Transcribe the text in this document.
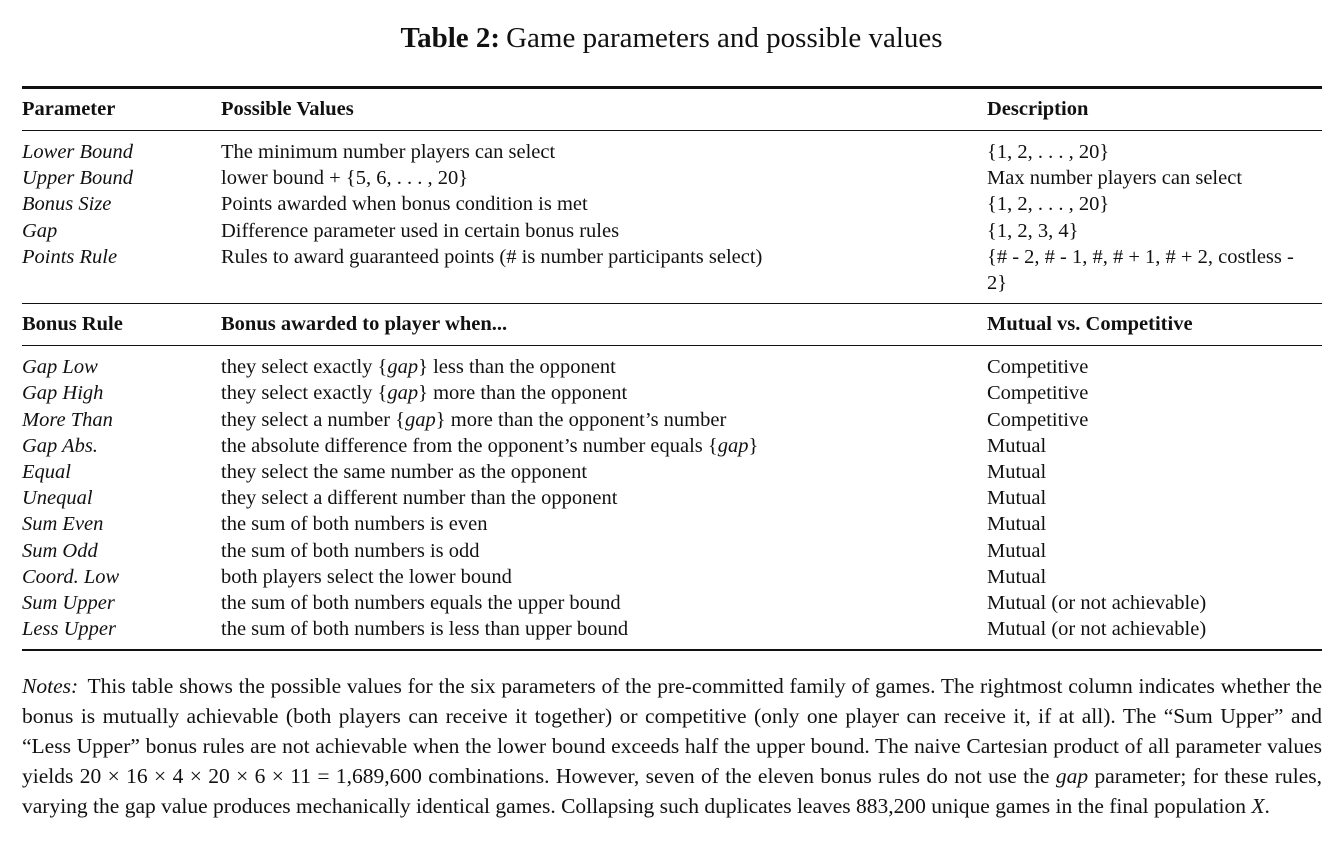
Table 2: Game parameters and possible values

Parameter	Possible Values	Description

Lower Bound	The minimum number players can select	{1, 2, . . . , 20}
Upper Bound	lower bound + {5, 6, . . . , 20}	Max number players can select
Bonus Size	Points awarded when bonus condition is met	{1, 2, . . . , 20}
Gap	Difference parameter used in certain bonus rules	{1, 2, 3, 4}
Points Rule	Rules to award guaranteed points (# is number participants select)	{# - 2, # - 1, #, # + 1, # + 2, costless - 2}

Bonus Rule	Bonus awarded to player when...	Mutual vs. Competitive

Gap Low	they select exactly {gap} less than the opponent	Competitive
Gap High	they select exactly {gap} more than the opponent	Competitive
More Than	they select a number {gap} more than the opponent’s number	Competitive
Gap Abs.	the absolute difference from the opponent’s number equals {gap}	Mutual
Equal	they select the same number as the opponent	Mutual
Unequal	they select a different number than the opponent	Mutual
Sum Even	the sum of both numbers is even	Mutual
Sum Odd	the sum of both numbers is odd	Mutual
Coord. Low	both players select the lower bound	Mutual
Sum Upper	the sum of both numbers equals the upper bound	Mutual (or not achievable)
Less Upper	the sum of both numbers is less than upper bound	Mutual (or not achievable)

Notes: This table shows the possible values for the six parameters of the pre-committed family of games. The rightmost column indicates whether the bonus is mutually achievable (both players can receive it together) or competitive (only one player can receive it, if at all). The “Sum Upper” and “Less Upper” bonus rules are not achievable when the lower bound exceeds half the upper bound. The naive Cartesian product of all parameter values yields 20 × 16 × 4 × 20 × 6 × 11 = 1,689,600 combinations. However, seven of the eleven bonus rules do not use the gap parameter; for these rules, varying the gap value produces mechanically identical games. Collapsing such duplicates leaves 883,200 unique games in the final population X.
